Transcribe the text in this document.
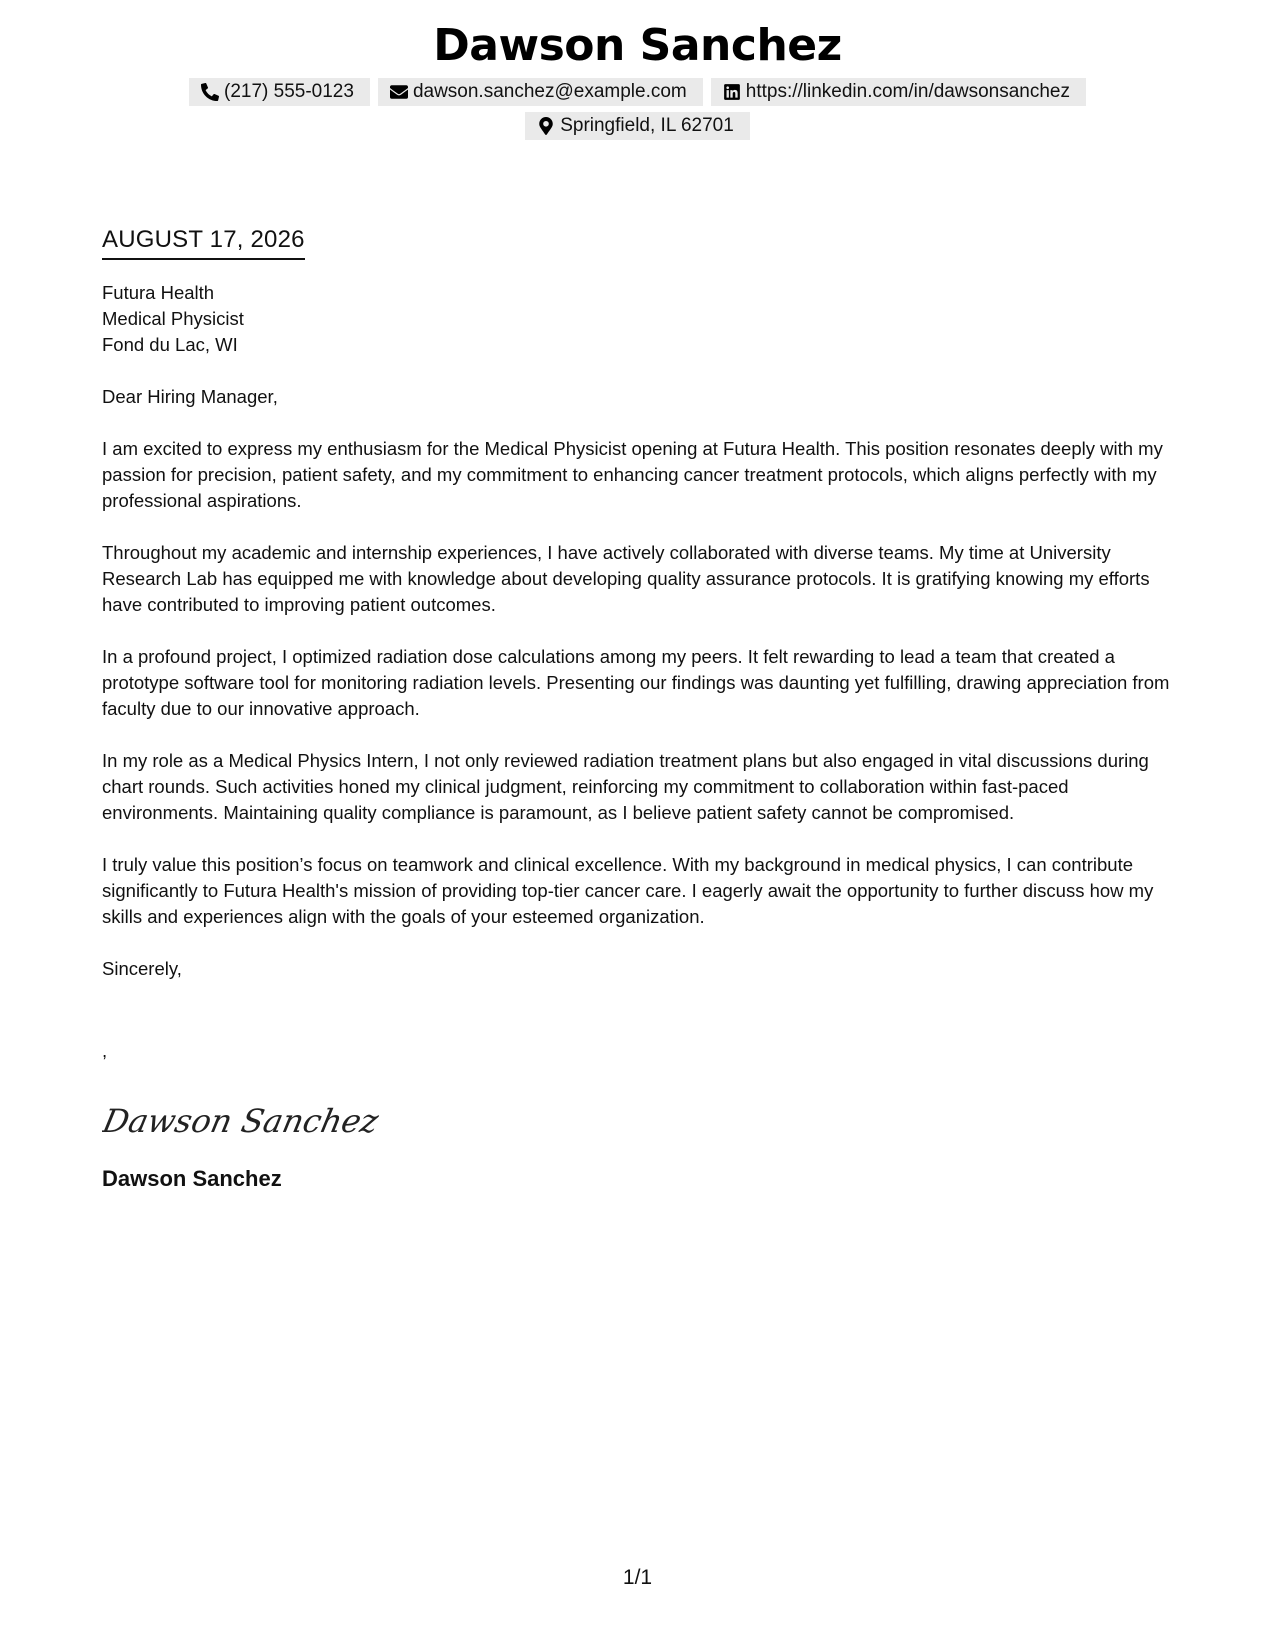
Dawson Sanchez
(217) 555-0123	dawson.sanchez@example.com	https://linkedin.com/in/dawsonsanchez
Springfield, IL 62701
AUGUST 17, 2026
Futura Health
Medical Physicist
Fond du Lac, WI
Dear Hiring Manager,

I am excited to express my enthusiasm for the Medical Physicist opening at Futura Health. This position resonates deeply with my passion for precision, patient safety, and my commitment to enhancing cancer treatment protocols, which aligns perfectly with my professional aspirations.

Throughout my academic and internship experiences, I have actively collaborated with diverse teams. My time at University Research Lab has equipped me with knowledge about developing quality assurance protocols. It is gratifying knowing my efforts have contributed to improving patient outcomes.

In a profound project, I optimized radiation dose calculations among my peers. It felt rewarding to lead a team that created a prototype software tool for monitoring radiation levels. Presenting our findings was daunting yet fulfilling, drawing appreciation from faculty due to our innovative approach.

In my role as a Medical Physics Intern, I not only reviewed radiation treatment plans but also engaged in vital discussions during chart rounds. Such activities honed my clinical judgment, reinforcing my commitment to collaboration within fast-paced environments. Maintaining quality compliance is paramount, as I believe patient safety cannot be compromised.

I truly value this position’s focus on teamwork and clinical excellence. With my background in medical physics, I can contribute significantly to Futura Health's mission of providing top-tier cancer care. I eagerly await the opportunity to further discuss how my skills and experiences align with the goals of your esteemed organization.

Sincerely,
,
Dawson Sanchez
Dawson Sanchez
1/1
